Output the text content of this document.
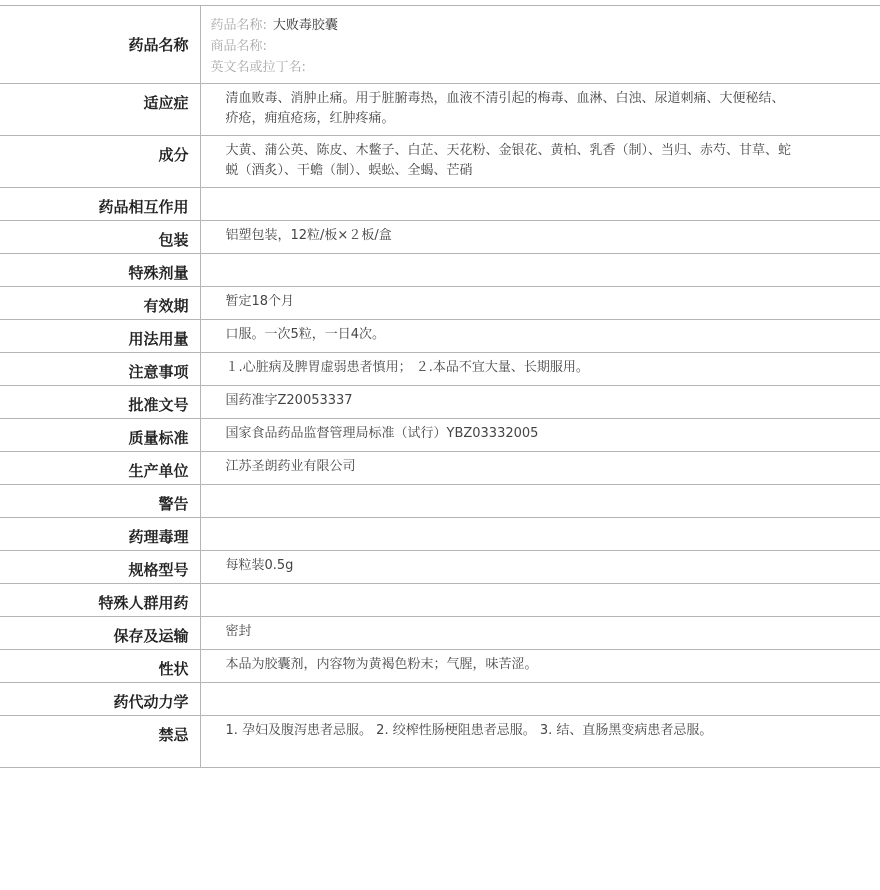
药品名称	药品名称: 大败毒胶囊
商品名称:
英文名或拉丁名:

适应症	清血败毒、消肿止痛。用于脏腑毒热，血液不清引起的梅毒、血淋、白浊、尿道刺痛、大便秘结、疥疮，痈疽疮疡，红肿疼痛。
成分	大黄、蒲公英、陈皮、木鳖子、白芷、天花粉、金银花、黄柏、乳香（制）、当归、赤芍、甘草、蛇蜕（酒炙）、干蟾（制）、蜈蚣、全蝎、芒硝
药品相互作用	
包装	铝塑包装，12粒/板×２板/盒
特殊剂量	
有效期	暂定18个月
用法用量	口服。一次5粒，一日4次。
注意事项	１.心脏病及脾胃虚弱患者慎用； ２.本品不宜大量、长期服用。
批准文号	国药准字Z20053337
质量标准	国家食品药品监督管理局标准（试行）YBZ03332005
生产单位	江苏圣朗药业有限公司
警告	
药理毒理	
规格型号	每粒装0.5g
特殊人群用药	
保存及运输	密封
性状	本品为胶囊剂，内容物为黄褐色粉末；气腥，味苦涩。
药代动力学	
禁忌	1. 孕妇及腹泻患者忌服。 2. 绞榨性肠梗阻患者忌服。 3. 结、直肠黑变病患者忌服。
